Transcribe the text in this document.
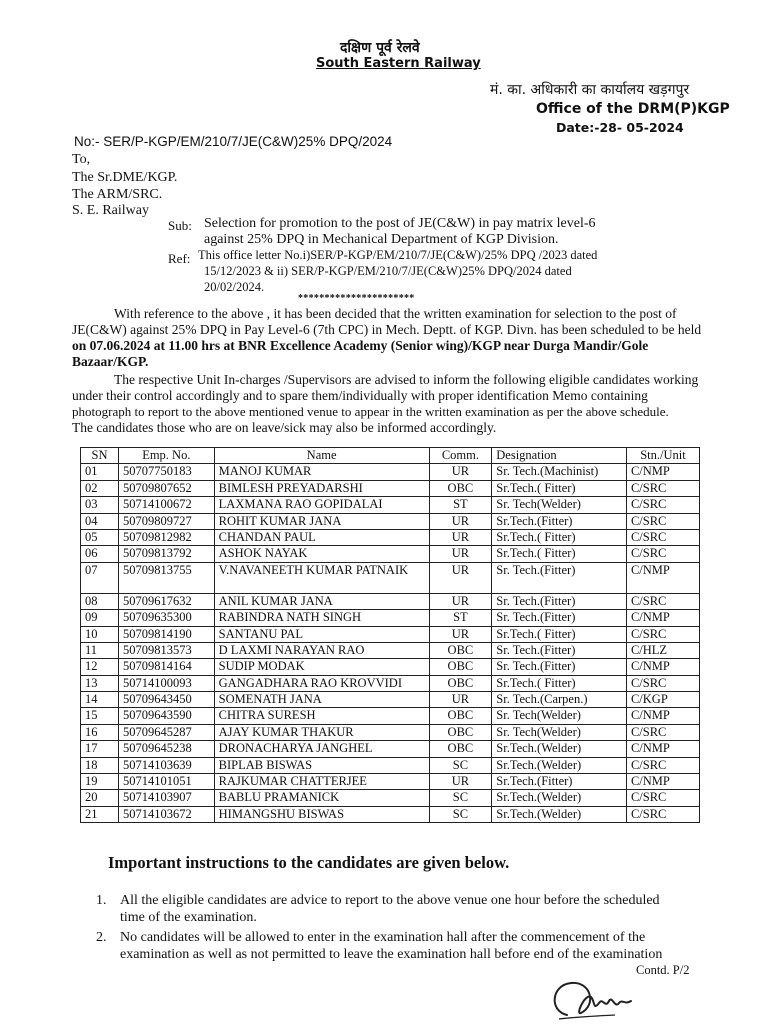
दक्षिण पूर्व रेलवे
South Eastern Railway
मं. का. अधिकारी का कार्यालय खड़गपुर
Office of the DRM(P)KGP
Date:-28- 05-2024
No:- SER/P-KGP/EM/210/7/JE(C&W)25% DPQ/2024
To,
The Sr.DME/KGP.
The ARM/SRC.
S. E. Railway
Sub: Selection for promotion to the post of JE(C&W) in pay matrix level-6
against 25% DPQ in Mechanical Department of KGP Division.
Ref: This office letter No.i)SER/P-KGP/EM/210/7/JE(C&W)/25% DPQ /2023 dated
15/12/2023 & ii) SER/P-KGP/EM/210/7/JE(C&W)25% DPQ/2024 dated
20/02/2024.
**********************
With reference to the above , it has been decided that the written examination for selection to the post of
JE(C&W) against 25% DPQ in Pay Level-6 (7th CPC) in Mech. Deptt. of KGP. Divn. has been scheduled to be held
on 07.06.2024 at 11.00 hrs at BNR Excellence Academy (Senior wing)/KGP near Durga Mandir/Gole
Bazaar/KGP.
The respective Unit In-charges /Supervisors are advised to inform the following eligible candidates working
under their control accordingly and to spare them/individually with proper identification Memo containing
photograph to report to the above mentioned venue to appear in the written examination as per the above schedule.
The candidates those who are on leave/sick may also be informed accordingly.
SN	Emp. No.	Name	Comm.	Designation	Stn./Unit
01	50707750183	MANOJ KUMAR	UR	Sr. Tech.(Machinist)	C/NMP
02	50709807652	BIMLESH PREYADARSHI	OBC	Sr.Tech.( Fitter)	C/SRC
03	50714100672	LAXMANA RAO GOPIDALAI	ST	Sr. Tech(Welder)	C/SRC
04	50709809727	ROHIT KUMAR JANA	UR	Sr.Tech.(Fitter)	C/SRC
05	50709812982	CHANDAN PAUL	UR	Sr.Tech.( Fitter)	C/SRC
06	50709813792	ASHOK NAYAK	UR	Sr.Tech.( Fitter)	C/SRC
07	50709813755	V.NAVANEETH KUMAR PATNAIK	UR	Sr. Tech.(Fitter)	C/NMP
08	50709617632	ANIL KUMAR JANA	UR	Sr. Tech.(Fitter)	C/SRC
09	50709635300	RABINDRA NATH SINGH	ST	Sr. Tech.(Fitter)	C/NMP
10	50709814190	SANTANU PAL	UR	Sr.Tech.( Fitter)	C/SRC
11	50709813573	D LAXMI NARAYAN RAO	OBC	Sr. Tech.(Fitter)	C/HLZ
12	50709814164	SUDIP MODAK	OBC	Sr. Tech.(Fitter)	C/NMP
13	50714100093	GANGADHARA RAO KROVVIDI	OBC	Sr.Tech.( Fitter)	C/SRC
14	50709643450	SOMENATH JANA	UR	Sr. Tech.(Carpen.)	C/KGP
15	50709643590	CHITRA SURESH	OBC	Sr. Tech(Welder)	C/NMP
16	50709645287	AJAY KUMAR THAKUR	OBC	Sr. Tech(Welder)	C/SRC
17	50709645238	DRONACHARYA JANGHEL	OBC	Sr.Tech.(Welder)	C/NMP
18	50714103639	BIPLAB BISWAS	SC	Sr.Tech.(Welder)	C/SRC
19	50714101051	RAJKUMAR CHATTERJEE	UR	Sr.Tech.(Fitter)	C/NMP
20	50714103907	BABLU PRAMANICK	SC	Sr.Tech.(Welder)	C/SRC
21	50714103672	HIMANGSHU BISWAS	SC	Sr.Tech.(Welder)	C/SRC
Important instructions to the candidates are given below.
1. All the eligible candidates are advice to report to the above venue one hour before the scheduled
time of the examination.
2. No candidates will be allowed to enter in the examination hall after the commencement of the
examination as well as not permitted to leave the examination hall before end of the examination
Contd. P/2
